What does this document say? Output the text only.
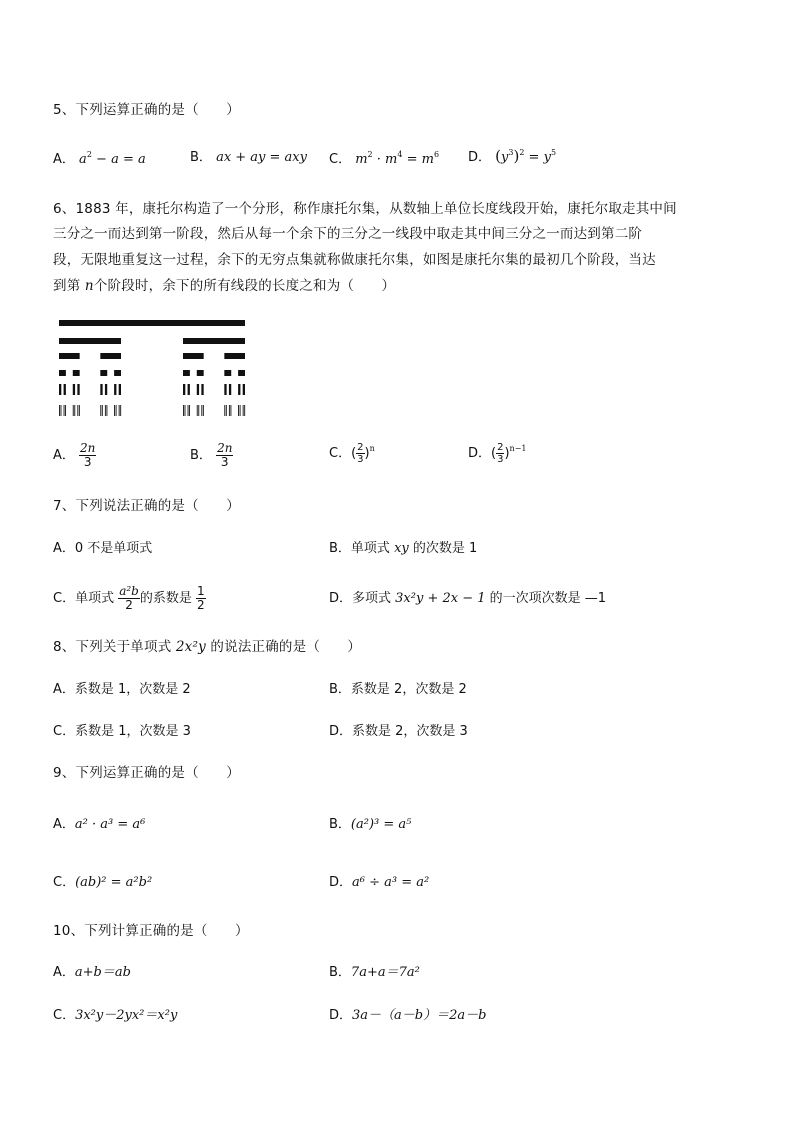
5、下列运算正确的是（　　）
A． $a^2 - a = a$	B． ax + ay = axy C． $m^2 \cdot m^4 = m^6$ D． $(y^3)^2 = y^5$
6、1883 年，康托尔构造了一个分形，称作康托尔集，从数轴上单位长度线段开始，康托尔取走其中间
三分之一而达到第一阶段，然后从每一个余下的三分之一线段中取走其中间三分之一而达到第二阶
段，无限地重复这一过程，余下的无穷点集就称做康托尔集，如图是康托尔集的最初几个阶段，当达
到第 n个阶段时，余下的所有线段的长度之和为（　　）
A． $\frac{2n}{3}$	B． $\frac{2n}{3}$	C．( $\frac{2}{3} )^n$	D．( $\frac{2}{3} )^{n-1}$
7、下列说法正确的是（　　）
A．0 不是单项式	B．单项式 xy 的次数是 1
C．单项式 $\frac{\text{a²b}}{2}$ 的系数是 $\frac{1}{2}$	D．多项式 3x²y + 2x − 1 的一次项次数是 —1
8、下列关于单项式 2x²y 的说法正确的是（　　）
A．系数是 1，次数是 2	B．系数是 2，次数是 2
C．系数是 1，次数是 3	D．系数是 2，次数是 3
9、下列运算正确的是（　　）
A．a² · a³ = a⁶	B．(a²)³ = a⁵
C．(ab)² = a²b²	D．a⁶ ÷ a³ = a²
10、下列计算正确的是（　　）
A．a+b＝ab	B．7a+a＝7a²
C．3x²y－2yx²＝x²y	D．3a－（a－b）＝2a－b
